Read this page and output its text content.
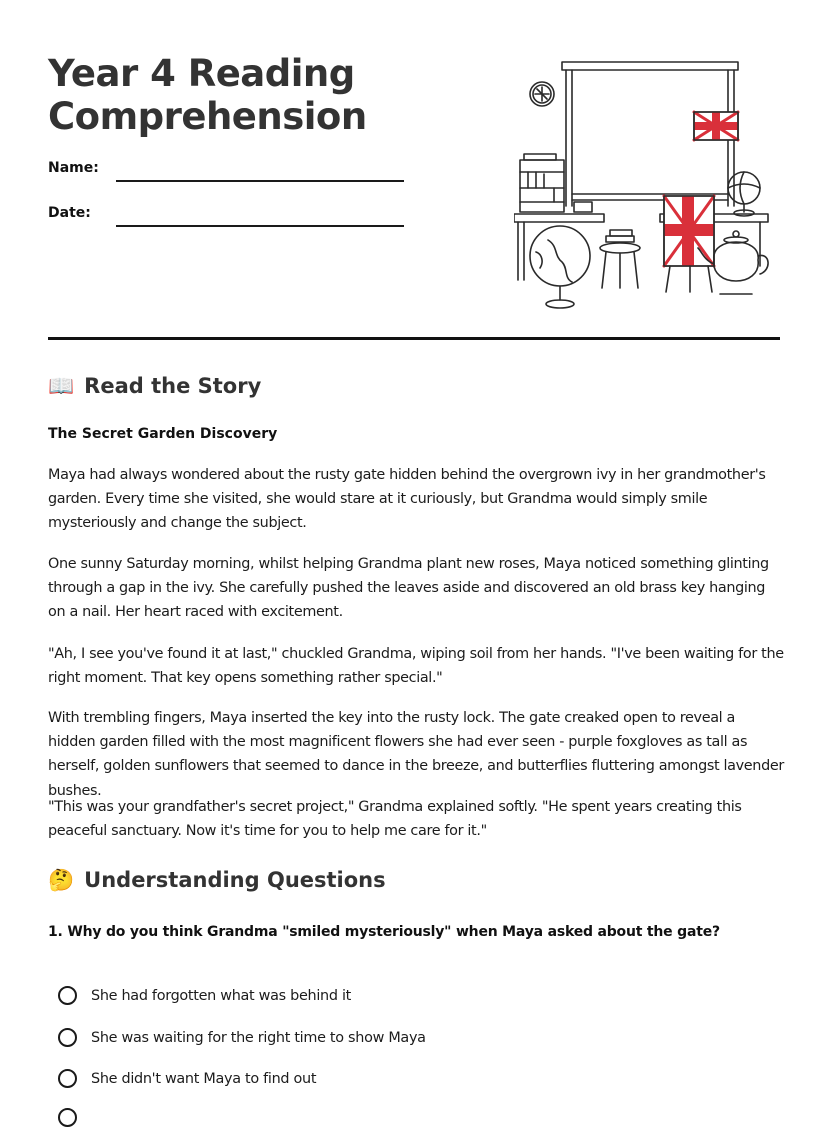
Year 4 Reading
Comprehension
Name:
Date:
📖 Read the Story
The Secret Garden Discovery

Maya had always wondered about the rusty gate hidden behind the overgrown ivy in her grandmother's garden. Every time she visited, she would stare at it curiously, but Grandma would simply smile mysteriously and change the subject.

One sunny Saturday morning, whilst helping Grandma plant new roses, Maya noticed something glinting through a gap in the ivy. She carefully pushed the leaves aside and discovered an old brass key hanging on a nail. Her heart raced with excitement.

"Ah, I see you've found it at last," chuckled Grandma, wiping soil from her hands. "I've been waiting for the right moment. That key opens something rather special."

With trembling fingers, Maya inserted the key into the rusty lock. The gate creaked open to reveal a hidden garden filled with the most magnificent flowers she had ever seen - purple foxgloves as tall as herself, golden sunflowers that seemed to dance in the breeze, and butterflies fluttering amongst lavender bushes.

"This was your grandfather's secret project," Grandma explained softly. "He spent years creating this peaceful sanctuary. Now it's time for you to help me care for it."

🤔 Understanding Questions
1. Why do you think Grandma "smiled mysteriously" when Maya asked about the gate?
She had forgotten what was behind it
She was waiting for the right time to show Maya
She didn't want Maya to find out
